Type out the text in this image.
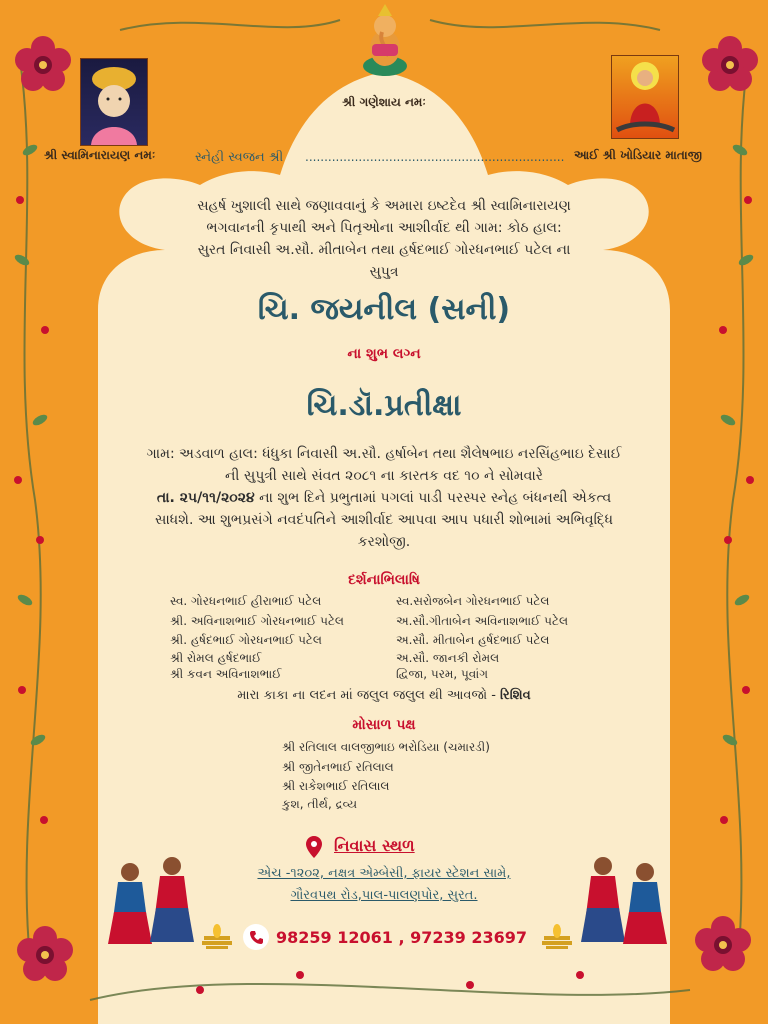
શ્રી સ્વામિનારાયણ નમઃ	આઈ શ્રી ખોડિયાર માતાજી
શ્રી ગણેશાય નમઃ
સ્નેહી સ્વજન શ્રી ....................................................................
સહર્ષ ખુશાલી સાથે જણાવવાનું કે અમારા ઇષ્ટદેવ શ્રી સ્વામિનારાયણ
ભગવાનની કૃપાથી અને પિતૃઓના આશીર્વાદ થી ગામ: કોઠ હાલ:
સુરત નિવાસી અ.સૌ. મીતાબેન તથા હર્ષદભાઈ ગોરધનભાઈ પટેલ ના
સુપુત્ર
ચિ. જયનીલ (સની)
ના શુભ લગ્ન
ચિ.ડૉ.પ્રતીક્ષા
ગામ: અડવાળ હાલ: ધંધુકા નિવાસી અ.સૌ. હર્ષાબેન તથા શૈલેષભાઇ નરસિંહભાઇ દેસાઈ
ની સુપુત્રી સાથે સંવત ૨૦૮૧ ના કારતક વદ ૧૦ ને સોમવારે
તા. ૨૫/૧૧/૨૦૨૪ ના શુભ દિને પ્રભુતામાં પગલાં પાડી પરસ્પર સ્નેહ બંધનથી એકત્વ
સાધશે. આ શુભપ્રસંગે નવદંપતિને આશીર્વાદ આપવા આપ પધારી શોભામાં અભિવૃદ્ધિ
કરશોજી.
દર્શનાભિલાષિ
સ્વ. ગોરધનભાઈ હીરાભાઈ પટેલ
શ્રી. અવિનાશભાઈ ગોરધનભાઈ પટેલ
શ્રી. હર્ષદભાઈ ગોરધનભાઈ પટેલ
શ્રી રોમલ હર્ષદભાઈ
શ્રી કવન અવિનાશભાઈ
સ્વ.સરોજબેન ગોરધનભાઈ પટેલ
અ.સૌ.ગીતાબેન અવિનાશભાઈ પટેલ
અ.સૌ. મીતાબેન હર્ષદભાઈ પટેલ
અ.સૌ. જાનકી રોમલ
દ્વિજા, પરમ, પૂવાંગ
મારા કાકા ના લદન માં જલુલ જલુલ થી આવજો - રિશિવ
મોસાળ પક્ષ
શ્રી રતિલાલ વાલજીભાઇ ભરોડિયા (ચમારડી)
શ્રી જીતેનભાઈ રતિલાલ
શ્રી રાકેશભાઈ રતિલાલ
કુશ, તીર્થ, દ્રવ્ય
નિવાસ સ્થળ
એચ -૧૨૦૨, નક્ષત્ર એમ્બેસી, ફાયર સ્ટેશન સામે,
ગૌરવપથ રોડ,પાલ-પાલણપોર, સુરત.
98259 12061 , 97239 23697
